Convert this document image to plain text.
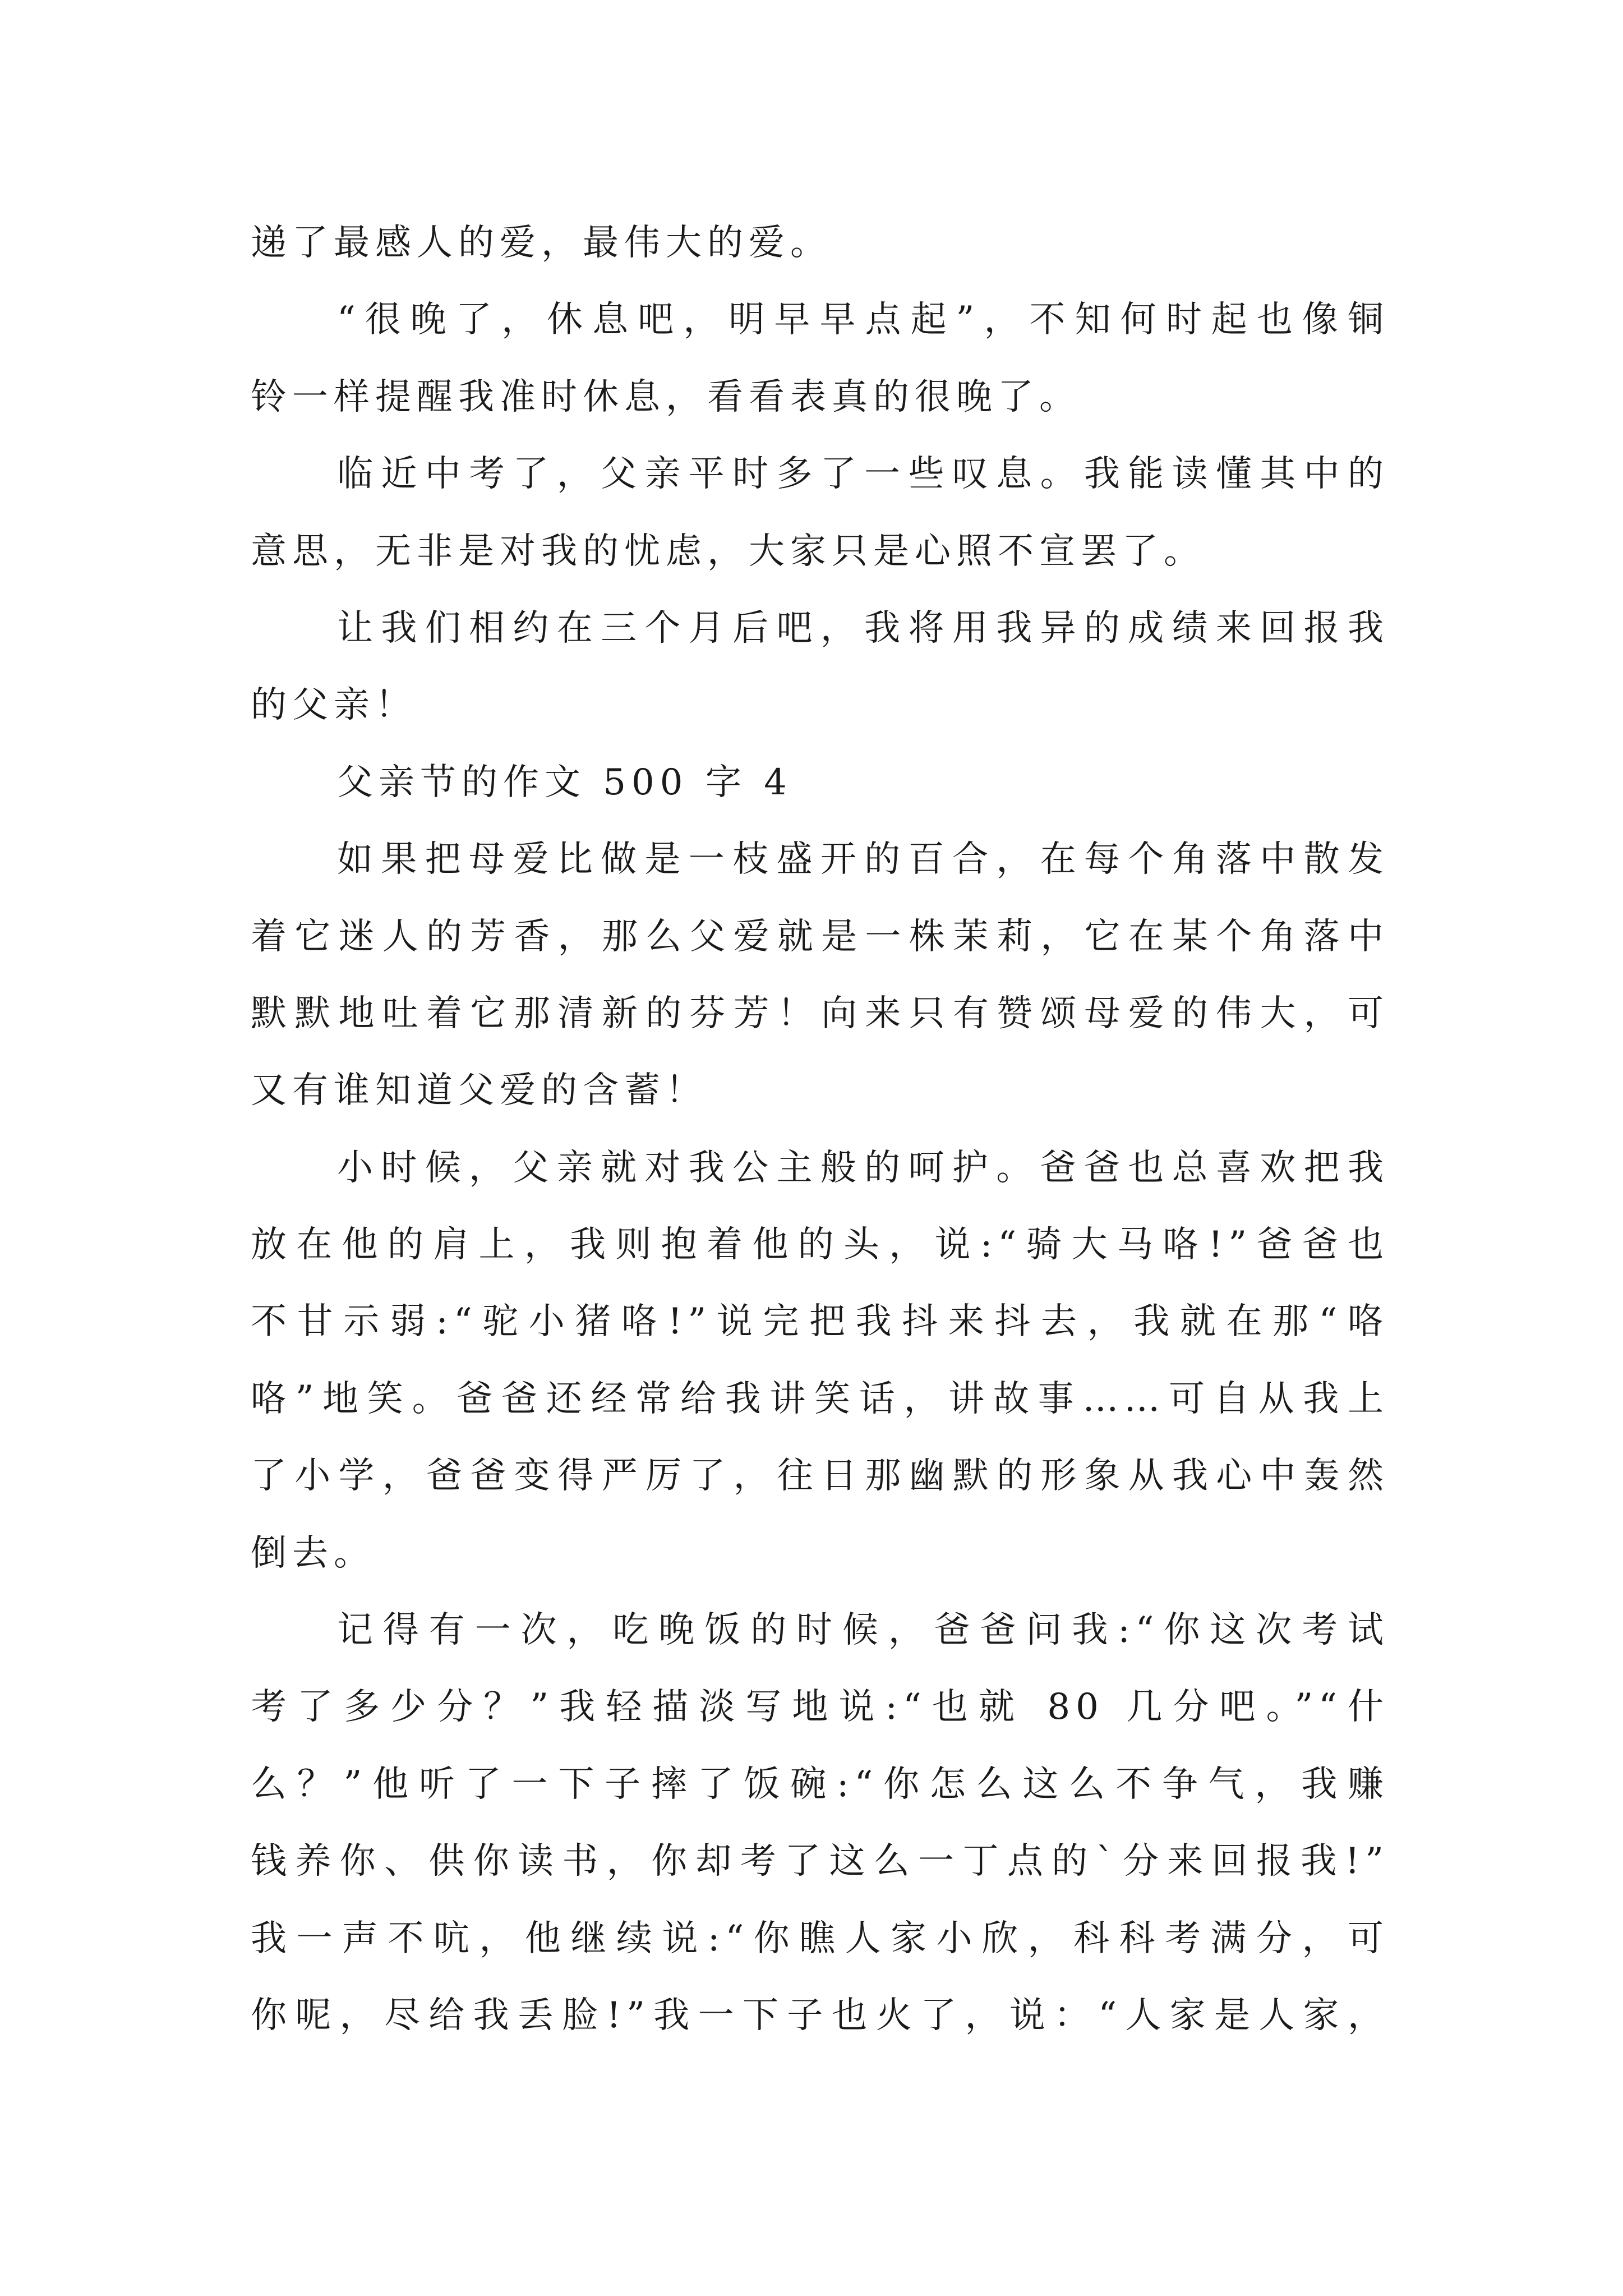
递了最感人的爱，最伟大的爱。
“很晚了，休息吧，明早早点起”，不知何时起也像铜
铃一样提醒我准时休息，看看表真的很晚了。
临近中考了，父亲平时多了一些叹息。我能读懂其中的
意思，无非是对我的忧虑，大家只是心照不宣罢了。
让我们相约在三个月后吧，我将用我异的成绩来回报我
的父亲！
父亲节的作文 500 字 4
如果把母爱比做是一枝盛开的百合，在每个角落中散发
着它迷人的芳香，那么父爱就是一株茉莉，它在某个角落中
默默地吐着它那清新的芬芳！向来只有赞颂母爱的伟大，可
又有谁知道父爱的含蓄！
小时候，父亲就对我公主般的呵护。爸爸也总喜欢把我
放在他的肩上，我则抱着他的头，说:“骑大马咯!”爸爸也
不甘示弱:“驼小猪咯!”说完把我抖来抖去，我就在那“咯
咯”地笑。爸爸还经常给我讲笑话，讲故事……可自从我上
了小学，爸爸变得严厉了，往日那幽默的形象从我心中轰然
倒去。
记得有一次，吃晚饭的时候，爸爸问我:“你这次考试
考了多少分？”我轻描淡写地说:“也就 80 几分吧。”“什
么？”他听了一下子摔了饭碗:“你怎么这么不争气，我赚
钱养你、供你读书，你却考了这么一丁点的`分来回报我!”
我一声不吭，他继续说:“你瞧人家小欣，科科考满分，可
你呢，尽给我丢脸!”我一下子也火了，说：“人家是人家，
